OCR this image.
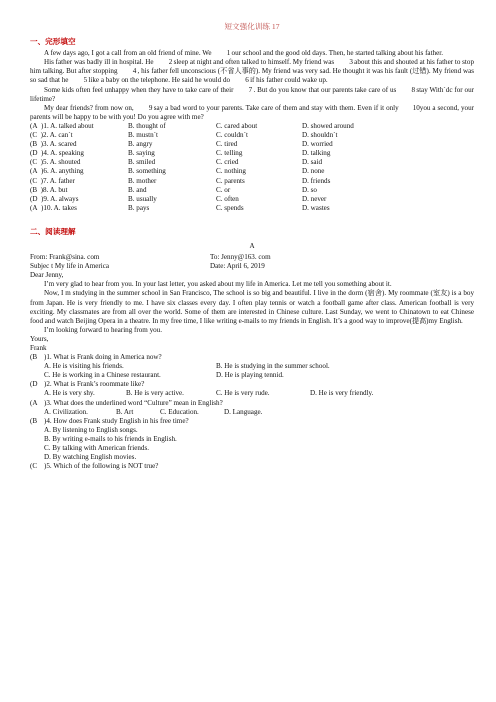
短文强化训练 17
一、完形填空

A few days ago, I got a call from an old friend of mine. We 1our school and the good old days. Then, he started talking about his father.

His father was badly ill in hospital. He 2sleep at night and often talked to himself. My friend was 3about this and shouted at his father to stop him talking. But after stopping 4, his father fell unconscious (不省人事的). My friend was very sad. He thought it was his fault (过错). My friend was so sad that he 5like a baby on the telephone. He said he would do 6if his father could wake up.

Some kids often feel unhappy when they have to take care of their 7. But do you know that our parents take care of us 8stay With`dc for our lifetime?

My dear friends? from now on, 9say a bad word to your parents. Take care of them and stay with them. Even if it only 10you a second, your parents will be happy to be with you! Do you agree with me?

(A  )1. A. talked about	B. thought of	C. cared about	D. showed around
(C  )2. A. can´t	B. mustn´t	C. couldn´t	D. shouldn´t
(B  )3. A. scared	B. angry	C. tired	D. worried
(D  )4. A. speaking	B. saying	C. telling	D. talking
(C  )5. A. shouted	B. smiled	C. cried	D. said
(A  )6. A. anything	B. something	C. nothing	D. none
(C  )7. A. father	B. mother	C. parents	D. friends
(B  )8. A. but	B. and	C. or	D. so
(D  )9. A. always	B. usually	C. often	D. never
(A  )10. A. takes	B. pays	C. spends	D. wastes
二、阅读理解
A
From: Frank@sina. com	To: Jenny@163. com
Subjec t My life in America	Date: April 6, 2019
Dear Jenny,

I’m very glad to hear from you. In your last letter, you asked about my life in America. Let me tell you something about it.

Now, I m studying in the summer school in San Francisco, The school is so big and beautiful. I live in the dorm (宿舍). My roommate (室友) is a boy from Japan. He is very friendly to me. I have six classes every day. I often play tennis or watch a football game after class. American football is very exciting. My classmates are from all over the world. Some of them are interested in Chinese culture. Last Sunday, we went to Chinatown to eat Chinese food and watch Beijing Opera in a theatre. In my free time, I like writing e-mails to my friends in English. It’s a good way to improve(提高)my English.

I’m looking forward to hearing from you.

Yours,
Frank
(B )1. What is Frank doing in America now?
A. He is visiting his friends.	B. He is studying in the summer school.
C. He is working in a Chinese restaurant.	D. He is playing tennid.
(D )2. What is Frank’s roommate like?
A. He is very shy.	B. He is very active.	C. He is very rude.	D. He is very friendly.
(A )3. What does the underlined word “Culture” mean in English?
A. Civilization.	B. Art	C. Education.	D. Language.
(B )4. How does Frank study English in his free time?
A. By listening to English songs.
B. By writing e-mails to his friends in English.
C. By talking with American friends.
D. By watching English movies.
(C )5. Which of the following is NOT true?
